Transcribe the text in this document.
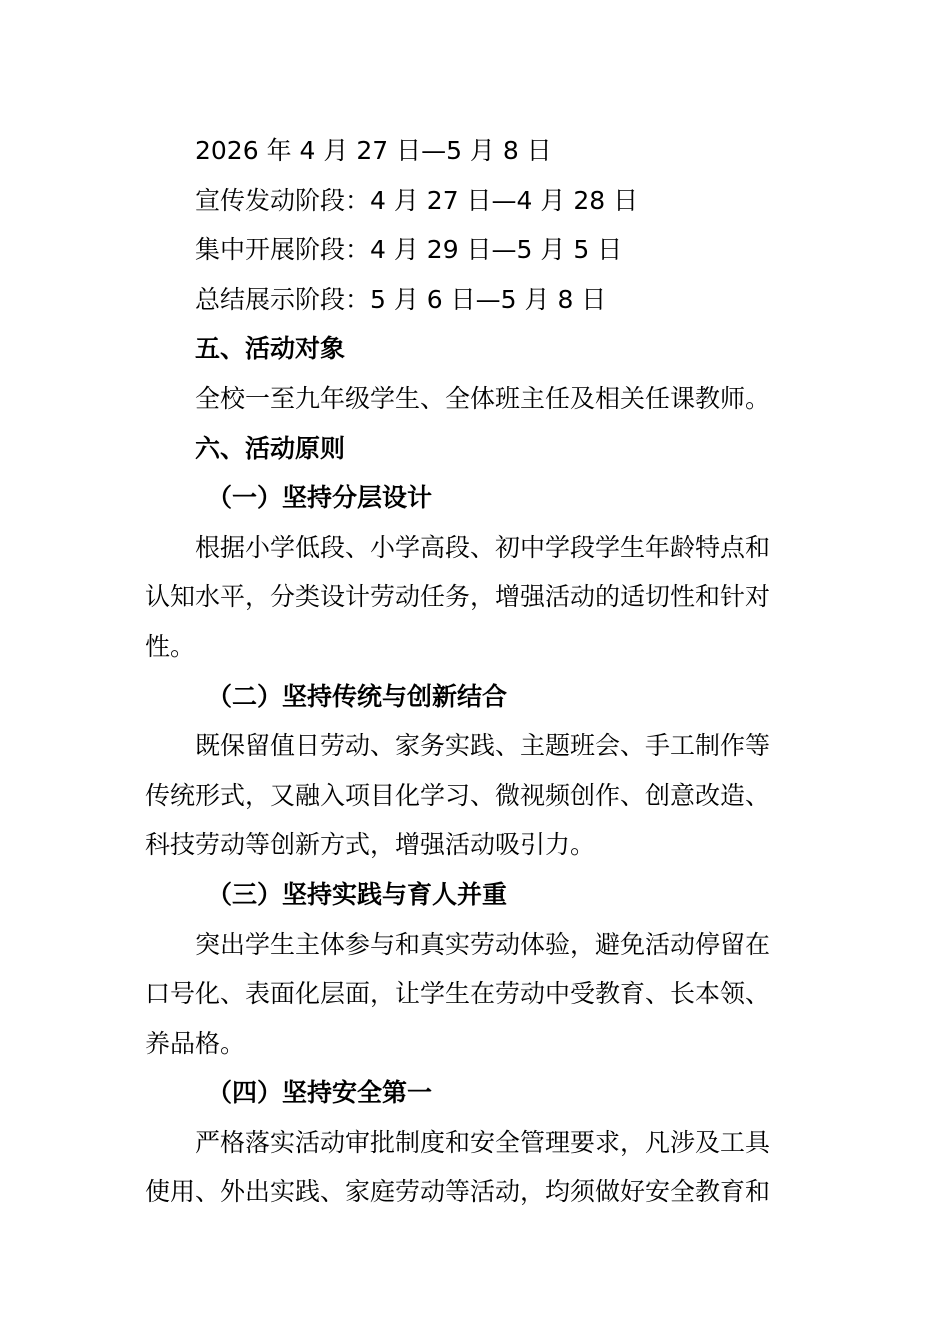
2026 年 4 月 27 日—5 月 8 日
宣传发动阶段：4 月 27 日—4 月 28 日
集中开展阶段：4 月 29 日—5 月 5 日
总结展示阶段：5 月 6 日—5 月 8 日
五、活动对象
全校一至九年级学生、全体班主任及相关任课教师。
六、活动原则
（一）坚持分层设计
根据小学低段、小学高段、初中学段学生年龄特点和
认知水平，分类设计劳动任务，增强活动的适切性和针对
性。
（二）坚持传统与创新结合
既保留值日劳动、家务实践、主题班会、手工制作等
传统形式，又融入项目化学习、微视频创作、创意改造、
科技劳动等创新方式，增强活动吸引力。
（三）坚持实践与育人并重
突出学生主体参与和真实劳动体验，避免活动停留在
口号化、表面化层面，让学生在劳动中受教育、长本领、
养品格。
（四）坚持安全第一
严格落实活动审批制度和安全管理要求，凡涉及工具
使用、外出实践、家庭劳动等活动，均须做好安全教育和
